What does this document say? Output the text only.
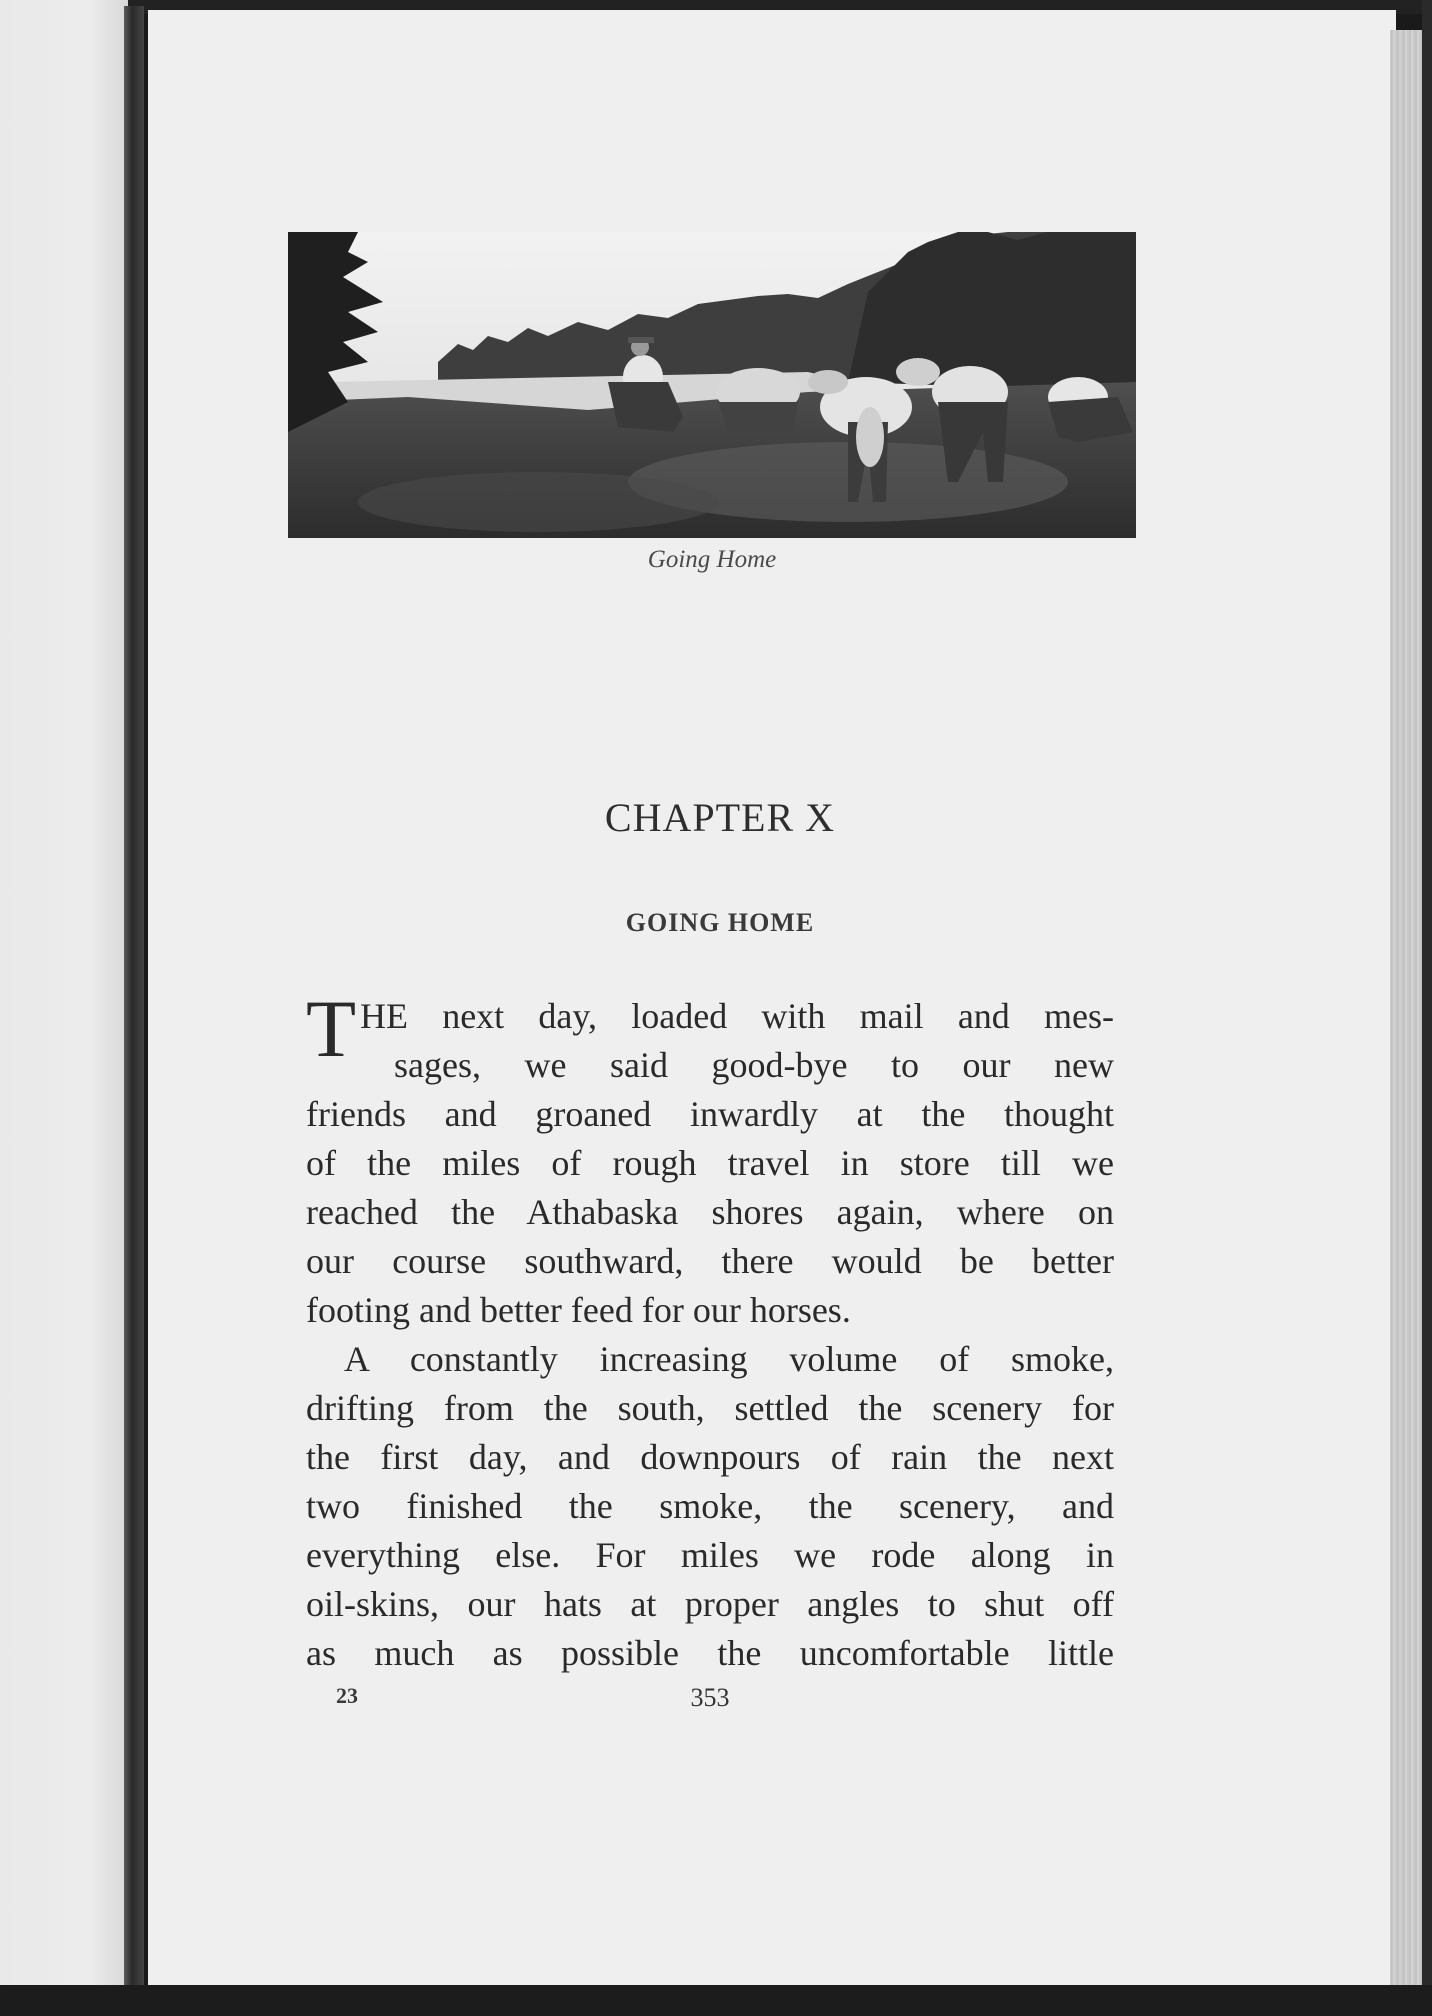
Going Home
CHAPTER X
GOING HOME
T HE next day, loaded with mail and mes-
sages, we said good-bye to our new
friends and groaned inwardly at the thought
of the miles of rough travel in store till we
reached the Athabaska shores again, where on
our course southward, there would be better
footing and better feed for our horses.
A constantly increasing volume of smoke,
drifting from the south, settled the scenery for
the first day, and downpours of rain the next
two finished the smoke, the scenery, and
everything else. For miles we rode along in
oil-skins, our hats at proper angles to shut off
as much as possible the uncomfortable little
23	353
